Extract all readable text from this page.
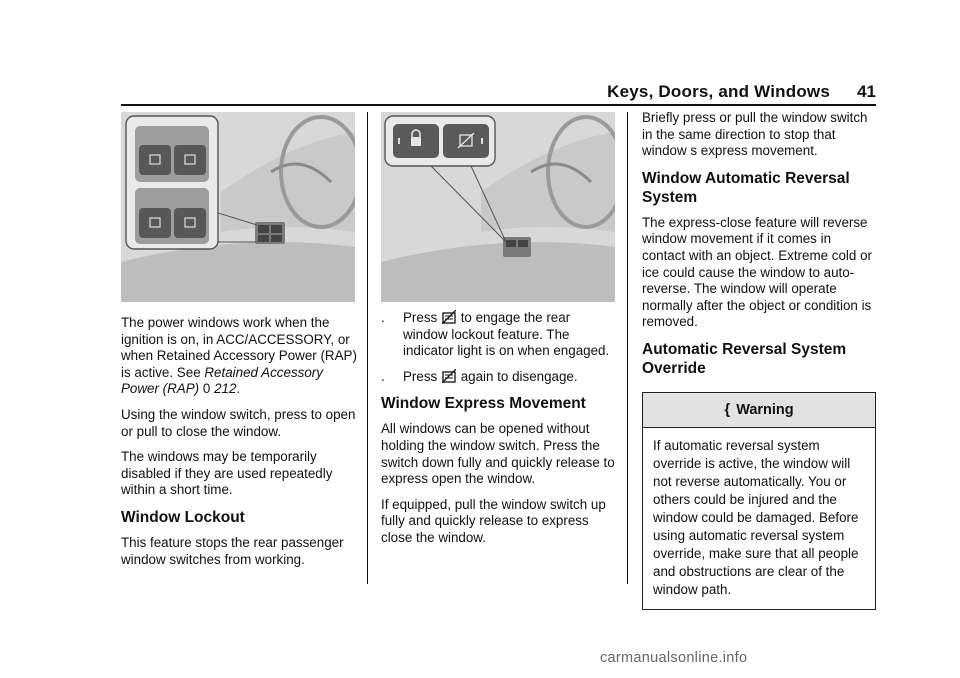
Keys, Doors, and Windows	41

The power windows work when the ignition is on, in ACC/ACCESSORY, or when Retained Accessory Power (RAP) is active. See Retained Accessory Power (RAP) 0 212.

Using the window switch, press to open or pull to close the window.

The windows may be temporarily disabled if they are used repeatedly within a short time.

Window Lockout

This feature stops the rear passenger window switches from working.

.	Press to engage the rear window lockout feature. The indicator light is on when engaged.
.	Press again to disengage.
Window Express Movement

All windows can be opened without holding the window switch. Press the switch down fully and quickly release to express open the window.

If equipped, pull the window switch up fully and quickly release to express close the window.

Briefly press or pull the window switch in the same direction to stop that window s express movement.

Window Automatic Reversal System

The express-close feature will reverse window movement if it comes in contact with an object. Extreme cold or ice could cause the window to auto-reverse. The window will operate normally after the object or condition is removed.

Automatic Reversal System Override
{ Warning
If automatic reversal system override is active, the window will not reverse automatically. You or others could be injured and the window could be damaged. Before using automatic reversal system override, make sure that all people and obstructions are clear of the window path.
carmanualsonline.info
